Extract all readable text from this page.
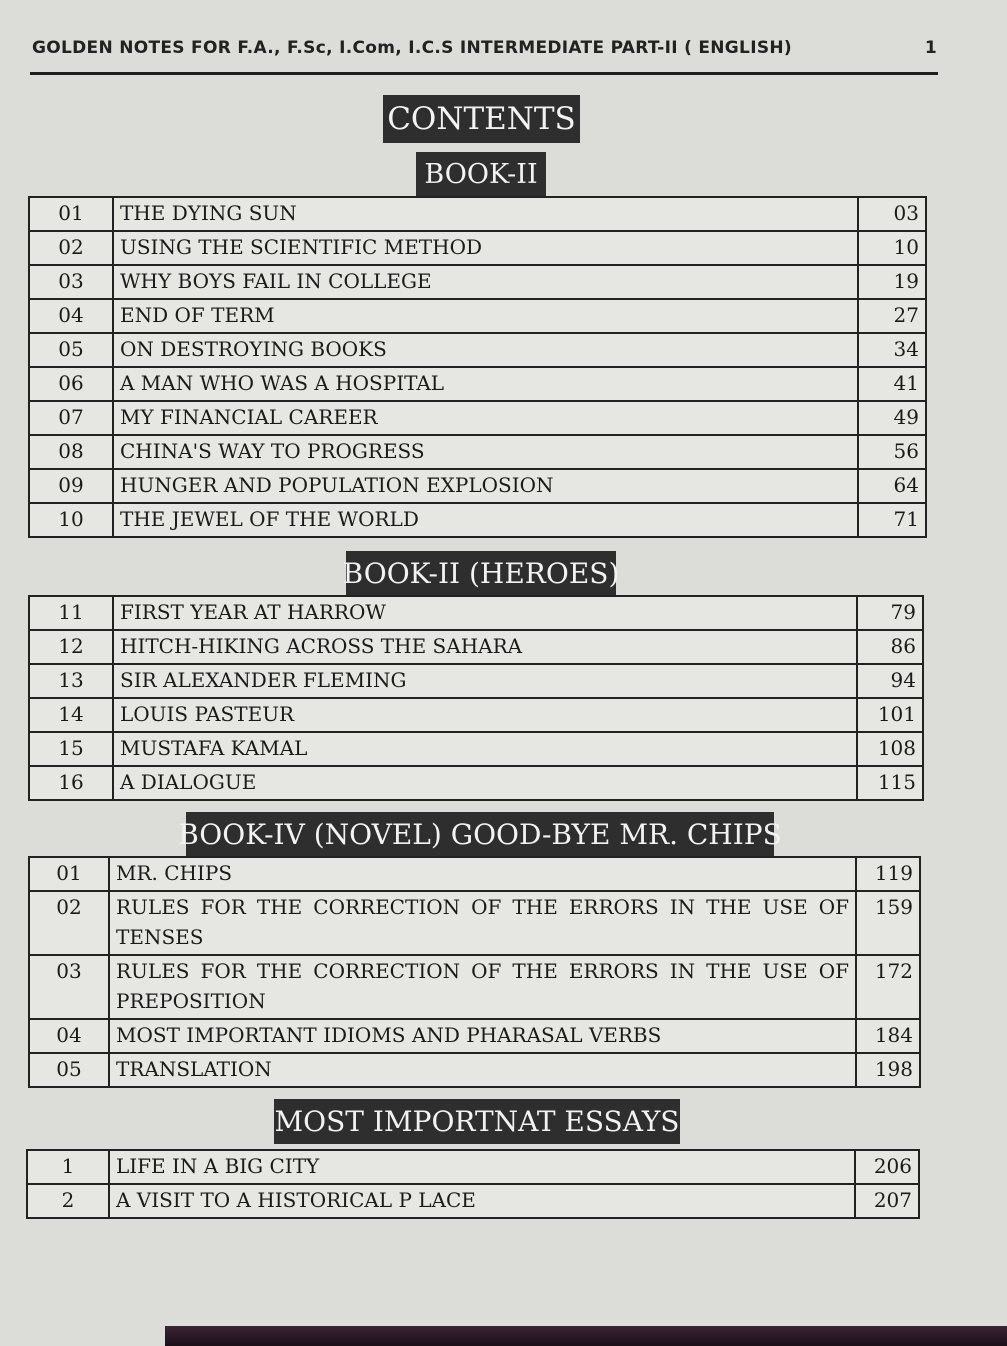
GOLDEN NOTES FOR F.A., F.Sc, I.Com, I.C.S INTERMEDIATE PART-II ( ENGLISH)	1
CONTENTS
BOOK-II
01	THE DYING SUN	03
02	USING THE SCIENTIFIC METHOD	10
03	WHY BOYS FAIL IN COLLEGE	19
04	END OF TERM	27
05	ON DESTROYING BOOKS	34
06	A MAN WHO WAS A HOSPITAL	41
07	MY FINANCIAL CAREER	49
08	CHINA'S WAY TO PROGRESS	56
09	HUNGER AND POPULATION EXPLOSION	64
10	THE JEWEL OF THE WORLD	71
BOOK-II (HEROES)
11	FIRST YEAR AT HARROW	79
12	HITCH-HIKING ACROSS THE SAHARA	86
13	SIR ALEXANDER FLEMING	94
14	LOUIS PASTEUR	101
15	MUSTAFA KAMAL	108
16	A DIALOGUE	115
BOOK-IV (NOVEL) GOOD-BYE MR. CHIPS
01	MR. CHIPS	119
02	RULES FOR THE CORRECTION OF THE ERRORS IN THE USE OF TENSES	159
03	RULES FOR THE CORRECTION OF THE ERRORS IN THE USE OF PREPOSITION	172
04	MOST IMPORTANT IDIOMS AND PHARASAL VERBS	184
05	TRANSLATION	198
MOST IMPORTNAT ESSAYS
1	LIFE IN A BIG CITY	206
2	A VISIT TO A HISTORICAL P LACE	207
